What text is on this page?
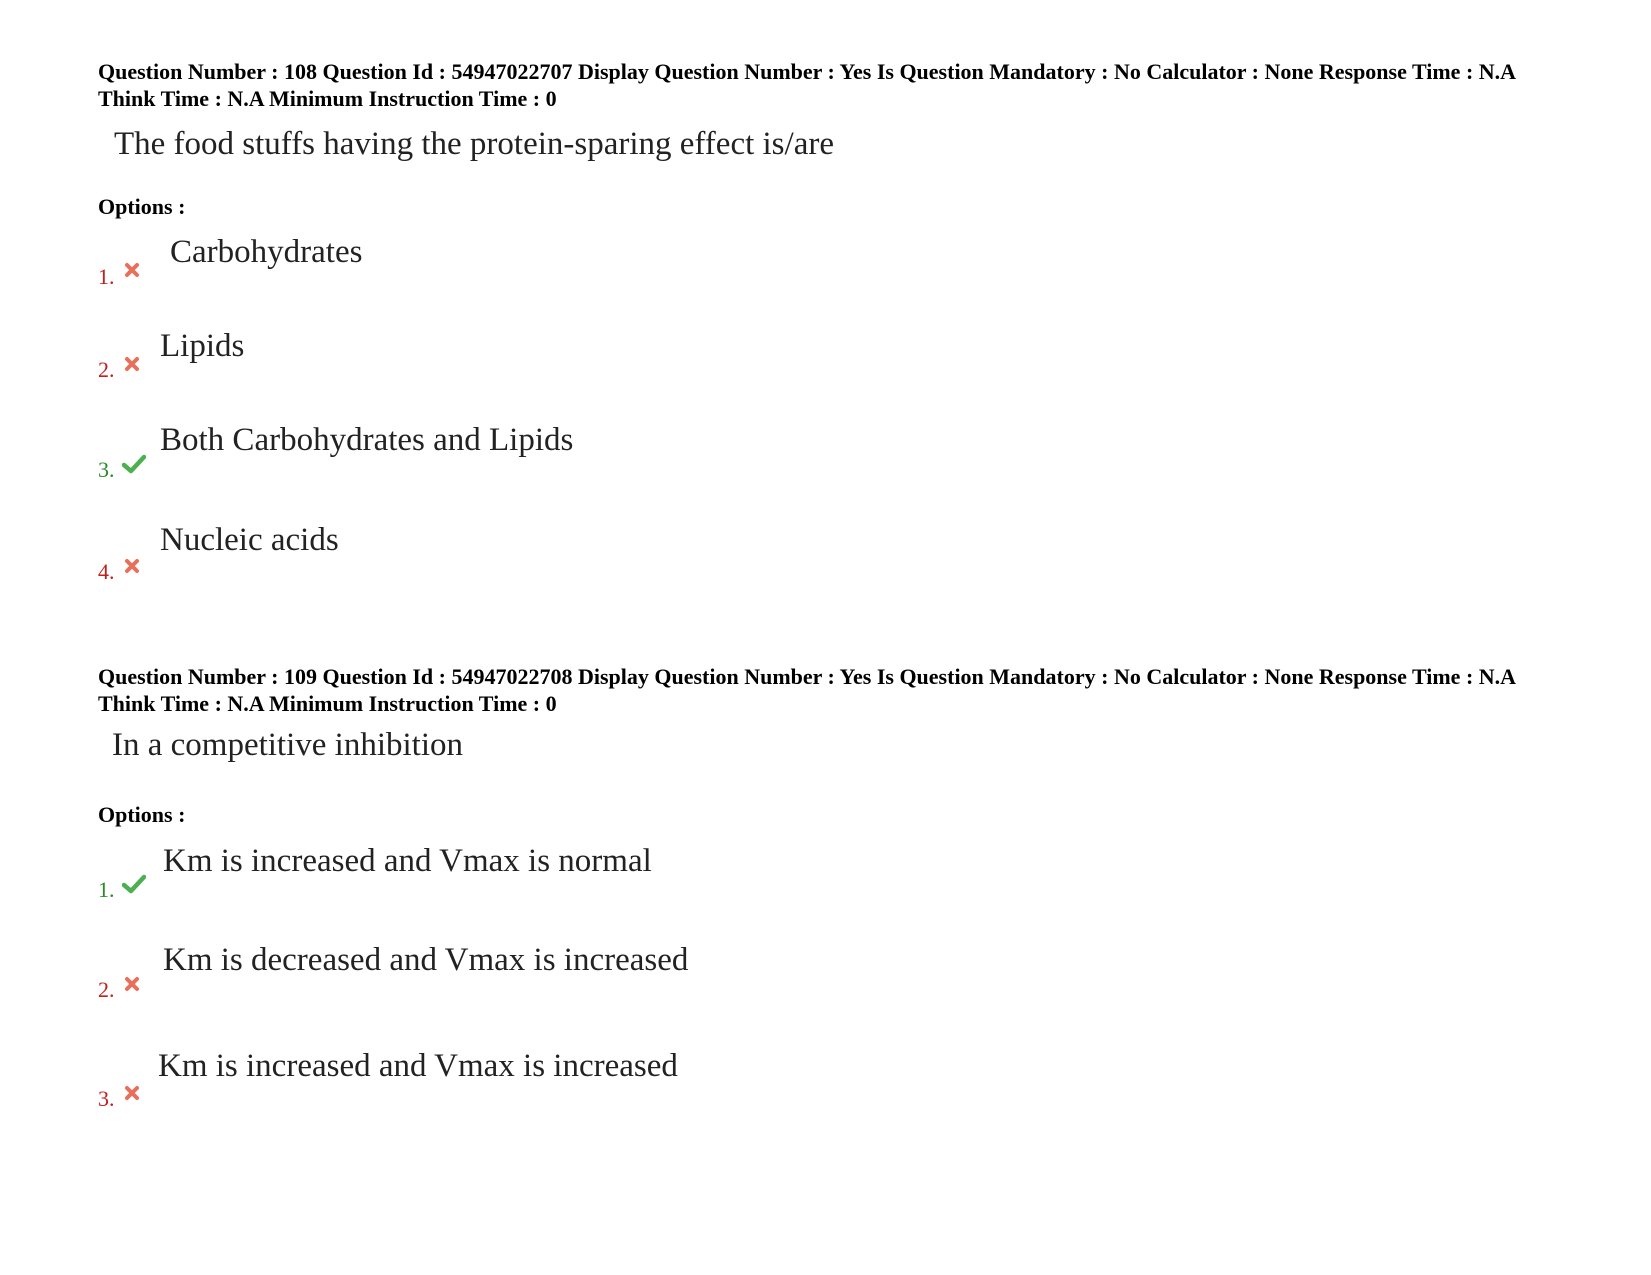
Question Number : 108 Question Id : 54947022707 Display Question Number : Yes Is Question Mandatory : No Calculator : None Response Time : N.A Think Time : N.A Minimum Instruction Time : 0
The food stuffs having the protein-sparing effect is/are
Options :
1.
Carbohydrates
2.
Lipids
3.
Both Carbohydrates and Lipids
4.
Nucleic acids
Question Number : 109 Question Id : 54947022708 Display Question Number : Yes Is Question Mandatory : No Calculator : None Response Time : N.A Think Time : N.A Minimum Instruction Time : 0
In a competitive inhibition
Options :
1.
Km is increased and Vmax is normal
2.
Km is decreased and Vmax is increased
3.
Km is increased and Vmax is increased
